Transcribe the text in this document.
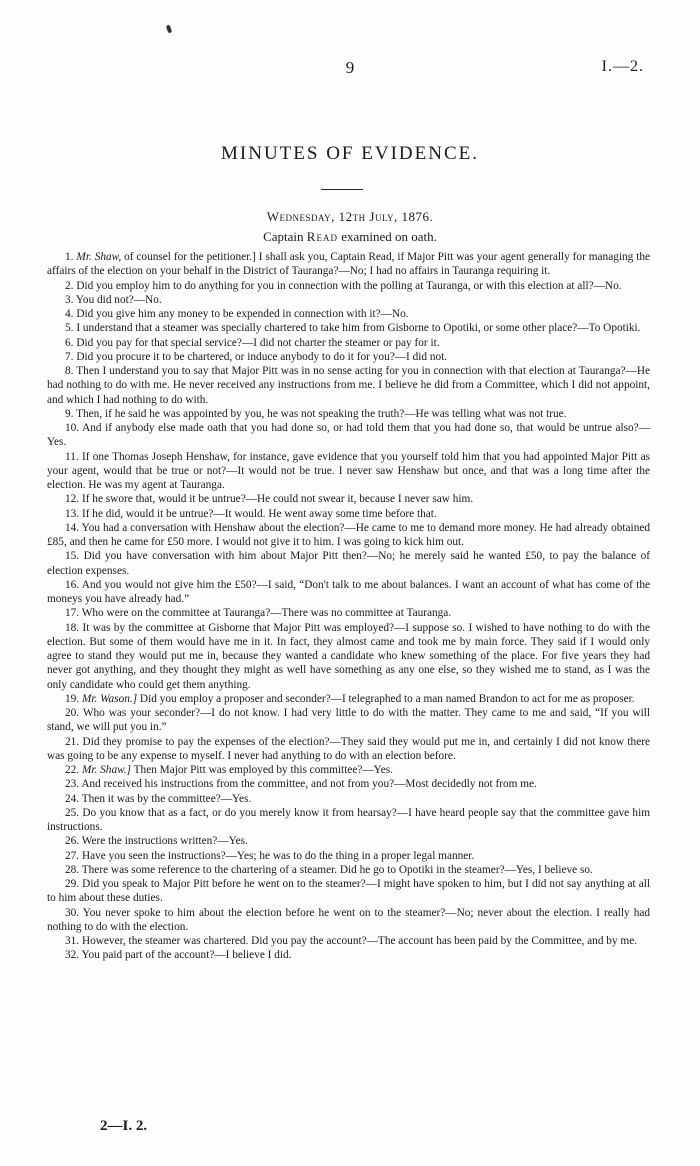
9	I.—2.
MINUTES OF EVIDENCE.
Wednesday, 12th July, 1876.
Captain Read examined on oath.

1. Mr. Shaw, of counsel for the petitioner.] I shall ask you, Captain Read, if Major Pitt was your agent generally for managing the affairs of the election on your behalf in the District of Tauranga?—No; I had no affairs in Tauranga requiring it.

2. Did you employ him to do anything for you in connection with the polling at Tauranga, or with this election at all?—No.

3. You did not?—No.

4. Did you give him any money to be expended in connection with it?—No.

5. I understand that a steamer was specially chartered to take him from Gisborne to Opotiki, or some other place?—To Opotiki.

6. Did you pay for that special service?—I did not charter the steamer or pay for it.

7. Did you procure it to be chartered, or induce anybody to do it for you?—I did not.

8. Then I understand you to say that Major Pitt was in no sense acting for you in connection with that election at Tauranga?—He had nothing to do with me. He never received any instructions from me. I believe he did from a Committee, which I did not appoint, and which I had nothing to do with.

9. Then, if he said he was appointed by you, he was not speaking the truth?—He was telling what was not true.

10. And if anybody else made oath that you had done so, or had told them that you had done so, that would be untrue also?—Yes.

11. If one Thomas Joseph Henshaw, for instance, gave evidence that you yourself told him that you had appointed Major Pitt as your agent, would that be true or not?—It would not be true. I never saw Henshaw but once, and that was a long time after the election. He was my agent at Tauranga.

12. If he swore that, would it be untrue?—He could not swear it, because I never saw him.

13. If he did, would it be untrue?—It would. He went away some time before that.

14. You had a conversation with Henshaw about the election?—He came to me to demand more money. He had already obtained £85, and then he came for £50 more. I would not give it to him. I was going to kick him out.

15. Did you have conversation with him about Major Pitt then?—No; he merely said he wanted £50, to pay the balance of election expenses.

16. And you would not give him the £50?—I said, “Don't talk to me about balances. I want an account of what has come of the moneys you have already had.”

17. Who were on the committee at Tauranga?—There was no committee at Tauranga.

18. It was by the committee at Gisborne that Major Pitt was employed?—I suppose so. I wished to have nothing to do with the election. But some of them would have me in it. In fact, they almost came and took me by main force. They said if I would only agree to stand they would put me in, because they wanted a candidate who knew something of the place. For five years they had never got anything, and they thought they might as well have something as any one else, so they wished me to stand, as I was the only candidate who could get them anything.

19. Mr. Wason.] Did you employ a proposer and seconder?—I telegraphed to a man named Brandon to act for me as proposer.

20. Who was your seconder?—I do not know. I had very little to do with the matter. They came to me and said, “If you will stand, we will put you in.”

21. Did they promise to pay the expenses of the election?—They said they would put me in, and certainly I did not know there was going to be any expense to myself. I never had anything to do with an election before.

22. Mr. Shaw.] Then Major Pitt was employed by this committee?—Yes.

23. And received his instructions from the committee, and not from you?—Most decidedly not from me.

24. Then it was by the committee?—Yes.

25. Do you know that as a fact, or do you merely know it from hearsay?—I have heard people say that the committee gave him instructions.

26. Were the instructions written?—Yes.

27. Have you seen the instructions?—Yes; he was to do the thing in a proper legal manner.

28. There was some reference to the chartering of a steamer. Did he go to Opotiki in the steamer?—Yes, I believe so.

29. Did you speak to Major Pitt before he went on to the steamer?—I might have spoken to him, but I did not say anything at all to him about these duties.

30. You never spoke to him about the election before he went on to the steamer?—No; never about the election. I really had nothing to do with the election.

31. However, the steamer was chartered. Did you pay the account?—The account has been paid by the Committee, and by me.

32. You paid part of the account?—I believe I did.

2—I. 2.
